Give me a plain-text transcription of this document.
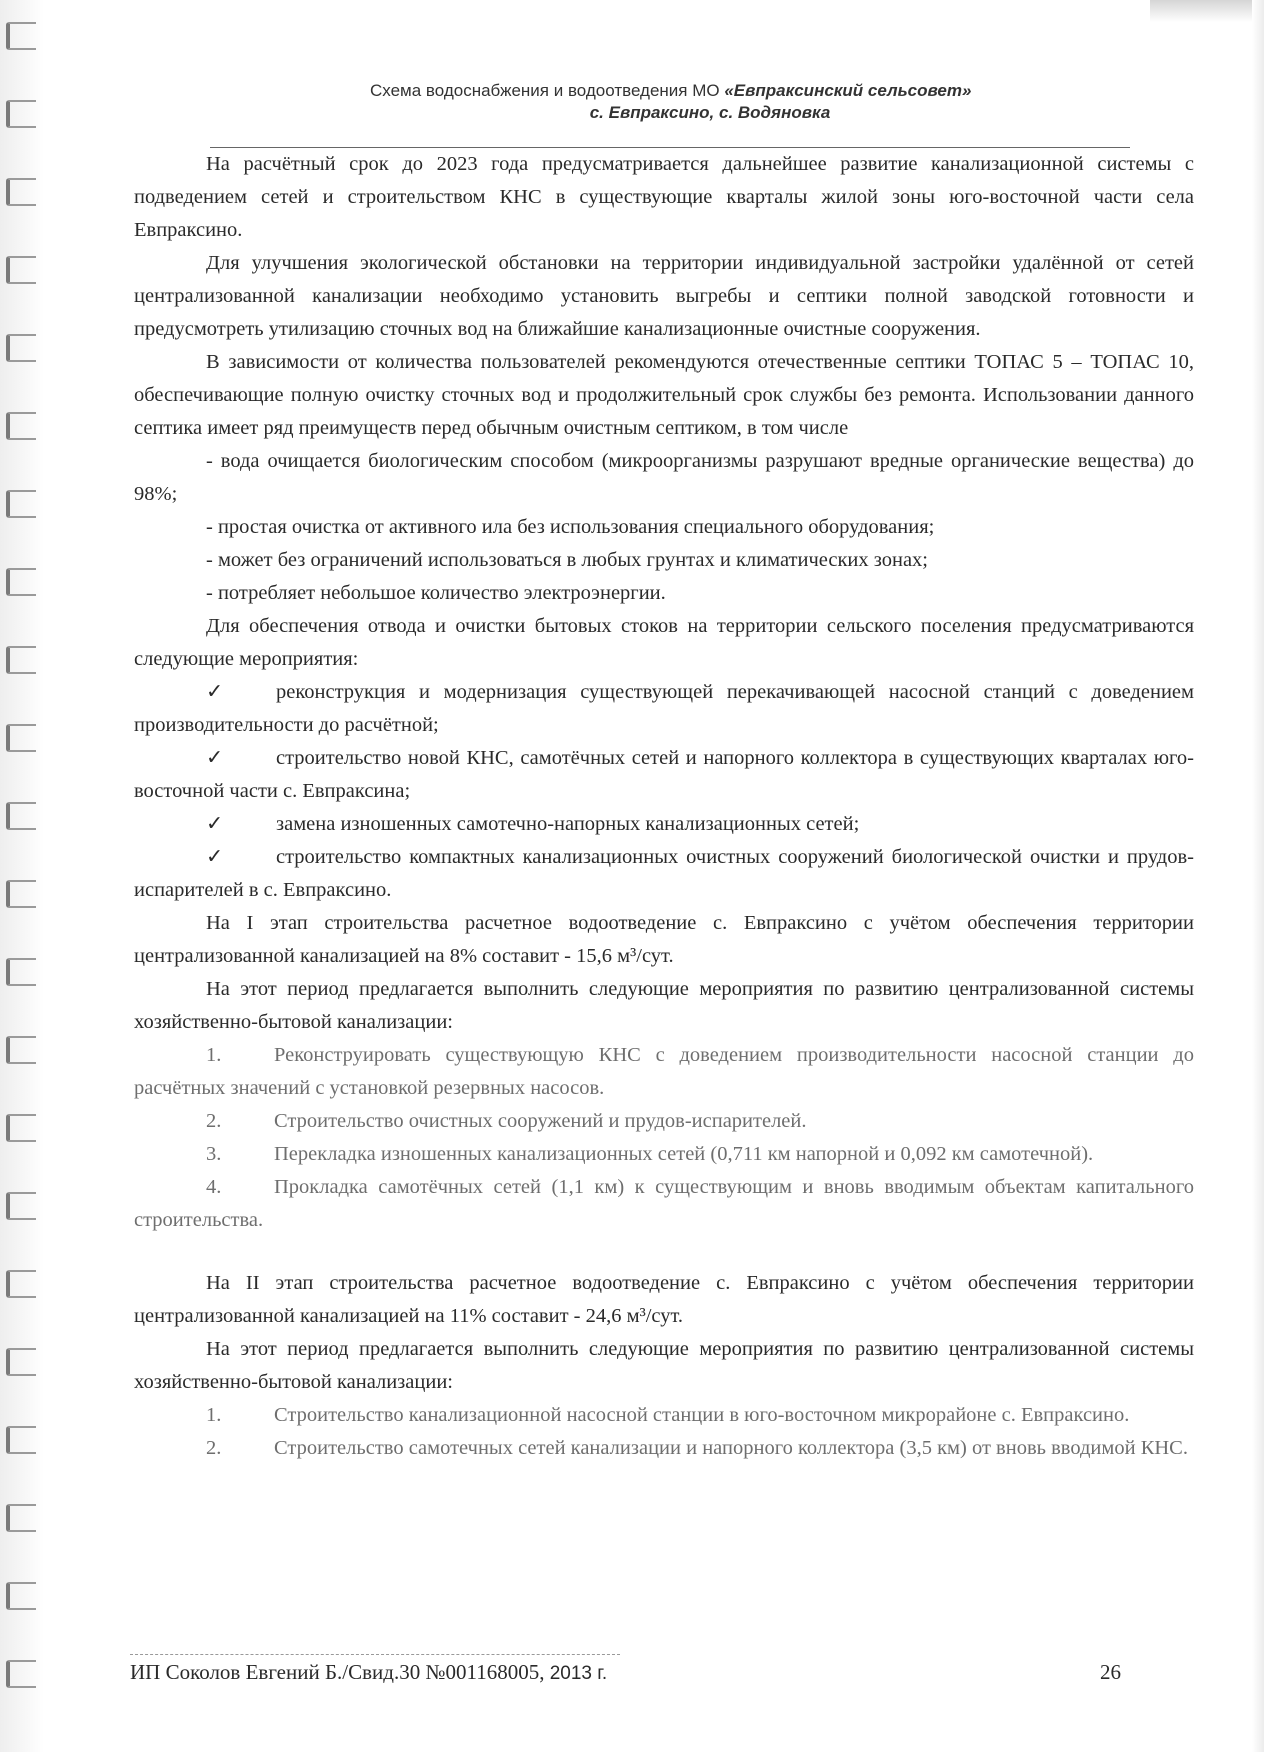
Схема водоснабжения и водоотведения МО «Евпраксинский сельсовет»
с. Евпраксино, с. Водяновка

На расчётный срок до 2023 года предусматривается дальнейшее развитие канализационной системы с подведением сетей и строительством КНС в существующие кварталы жилой зоны юго-восточной части села Евпраксино.

Для улучшения экологической обстановки на территории индивидуальной застройки удалённой от сетей централизованной канализации необходимо установить выгребы и септики полной заводской готовности и предусмотреть утилизацию сточных вод на ближайшие канализационные очистные сооружения.

В зависимости от количества пользователей рекомендуются отечественные септики ТОПАС 5 – ТОПАС 10, обеспечивающие полную очистку сточных вод и продолжительный срок службы без ремонта. Использовании данного септика имеет ряд преимуществ перед обычным очистным септиком, в том числе

- вода очищается биологическим способом (микроорганизмы разрушают вредные органические вещества) до 98%;

- простая очистка от активного ила без использования специального оборудования;

- может без ограничений использоваться в любых грунтах и климатических зонах;

- потребляет небольшое количество электроэнергии.

Для обеспечения отвода и очистки бытовых стоков на территории сельского поселения предусматриваются следующие мероприятия:

✓	реконструкция и модернизация существующей перекачивающей насосной станций с доведением производительности до расчётной;

✓	строительство новой КНС, самотёчных сетей и напорного коллектора в существующих кварталах юго-восточной части с. Евпраксина;

✓	замена изношенных самотечно-напорных канализационных сетей;

✓	строительство компактных канализационных очистных сооружений биологической очистки и прудов-испарителей в с. Евпраксино.

На I этап строительства расчетное водоотведение с. Евпраксино с учётом обеспечения территории централизованной канализацией на 8% составит - 15,6 м³/сут.

На этот период предлагается выполнить следующие мероприятия по развитию централизованной системы хозяйственно-бытовой канализации:

1.	Реконструировать существующую КНС с доведением производительности насосной станции до расчётных значений с установкой резервных насосов.

2.	Строительство очистных сооружений и прудов-испарителей.

3.	Перекладка изношенных канализационных сетей (0,711 км напорной и 0,092 км самотечной).

4.	Прокладка самотёчных сетей (1,1 км) к существующим и вновь вводимым объектам капитального строительства.

На II этап строительства расчетное водоотведение с. Евпраксино с учётом обеспечения территории централизованной канализацией на 11% составит - 24,6 м³/сут.

На этот период предлагается выполнить следующие мероприятия по развитию централизованной системы хозяйственно-бытовой канализации:

1.	Строительство канализационной насосной станции в юго-восточном микрорайоне с. Евпраксино.

2.	Строительство самотечных сетей канализации и напорного коллектора (3,5 км) от вновь вводимой КНС.

ИП Соколов Евгений Б./Свид.30 №001168005, 2013 г.	26
